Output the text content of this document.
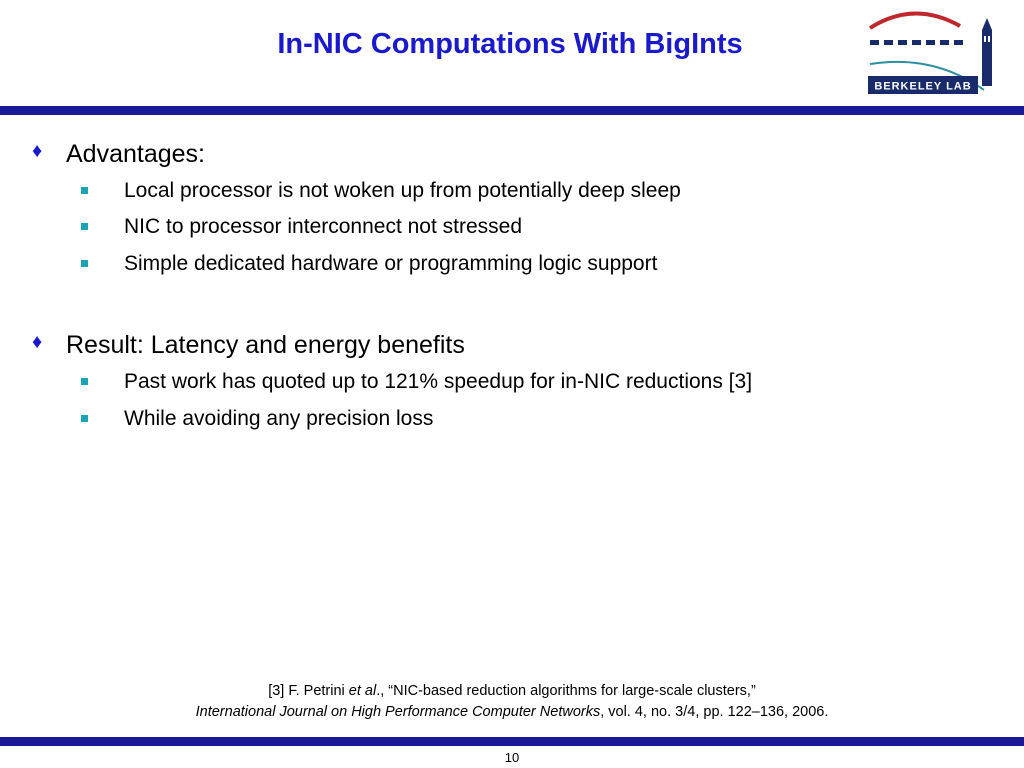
In-NIC Computations With BigInts
BERKELEY LAB
♦ Advantages:
Local processor is not woken up from potentially deep sleep
NIC to processor interconnect not stressed
Simple dedicated hardware or programming logic support
♦ Result: Latency and energy benefits
Past work has quoted up to 121% speedup for in-NIC reductions [3]
While avoiding any precision loss
[3] F. Petrini et al., “NIC-based reduction algorithms for large-scale clusters,”
International Journal on High Performance Computer Networks, vol. 4, no. 3/4, pp. 122–136, 2006.
10
